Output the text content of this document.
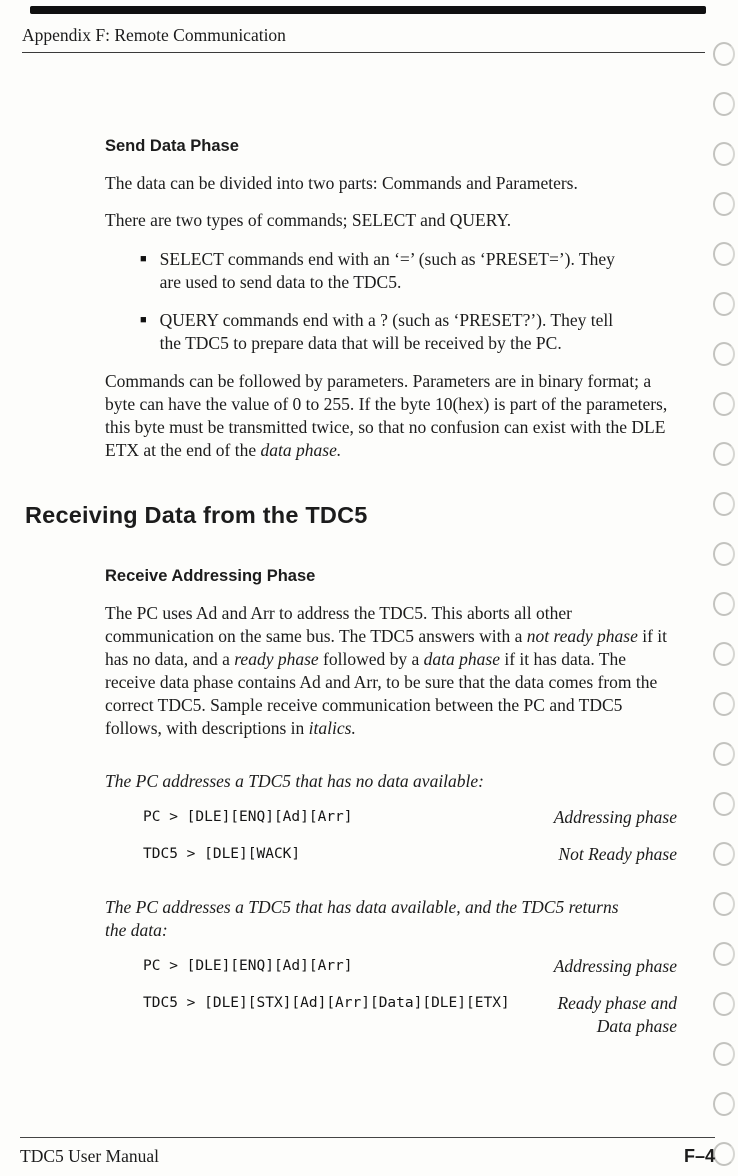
Appendix F: Remote Communication
Send Data Phase

The data can be divided into two parts: Commands and Parameters.

There are two types of commands; SELECT and QUERY.

■ SELECT commands end with an ‘=’ (such as ‘PRESET=’). They are used to send data to the TDC5.
■ QUERY commands end with a ? (such as ‘PRESET?’). They tell the TDC5 to prepare data that will be received by the PC.

Commands can be followed by parameters. Parameters are in binary format; a byte can have the value of 0 to 255. If the byte 10(hex) is part of the parameters, this byte must be transmitted twice, so that no confusion can exist with the DLE ETX at the end of the data phase.

Receiving Data from the TDC5
Receive Addressing Phase

The PC uses Ad and Arr to address the TDC5. This aborts all other communication on the same bus. The TDC5 answers with a not ready phase if it has no data, and a ready phase followed by a data phase if it has data. The receive data phase contains Ad and Arr, to be sure that the data comes from the correct TDC5. Sample receive communication between the PC and TDC5 follows, with descriptions in italics.

The PC addresses a TDC5 that has no data available:

PC > [DLE][ENQ][Ad][Arr]	Addressing phase
TDC5 > [DLE][WACK]	Not Ready phase

The PC addresses a TDC5 that has data available, and the TDC5 returns the data:

PC > [DLE][ENQ][Ad][Arr]	Addressing phase
TDC5 > [DLE][STX][Ad][Arr][Data][DLE][ETX]	Ready phase and Data phase
TDC5 User Manual	F–4
